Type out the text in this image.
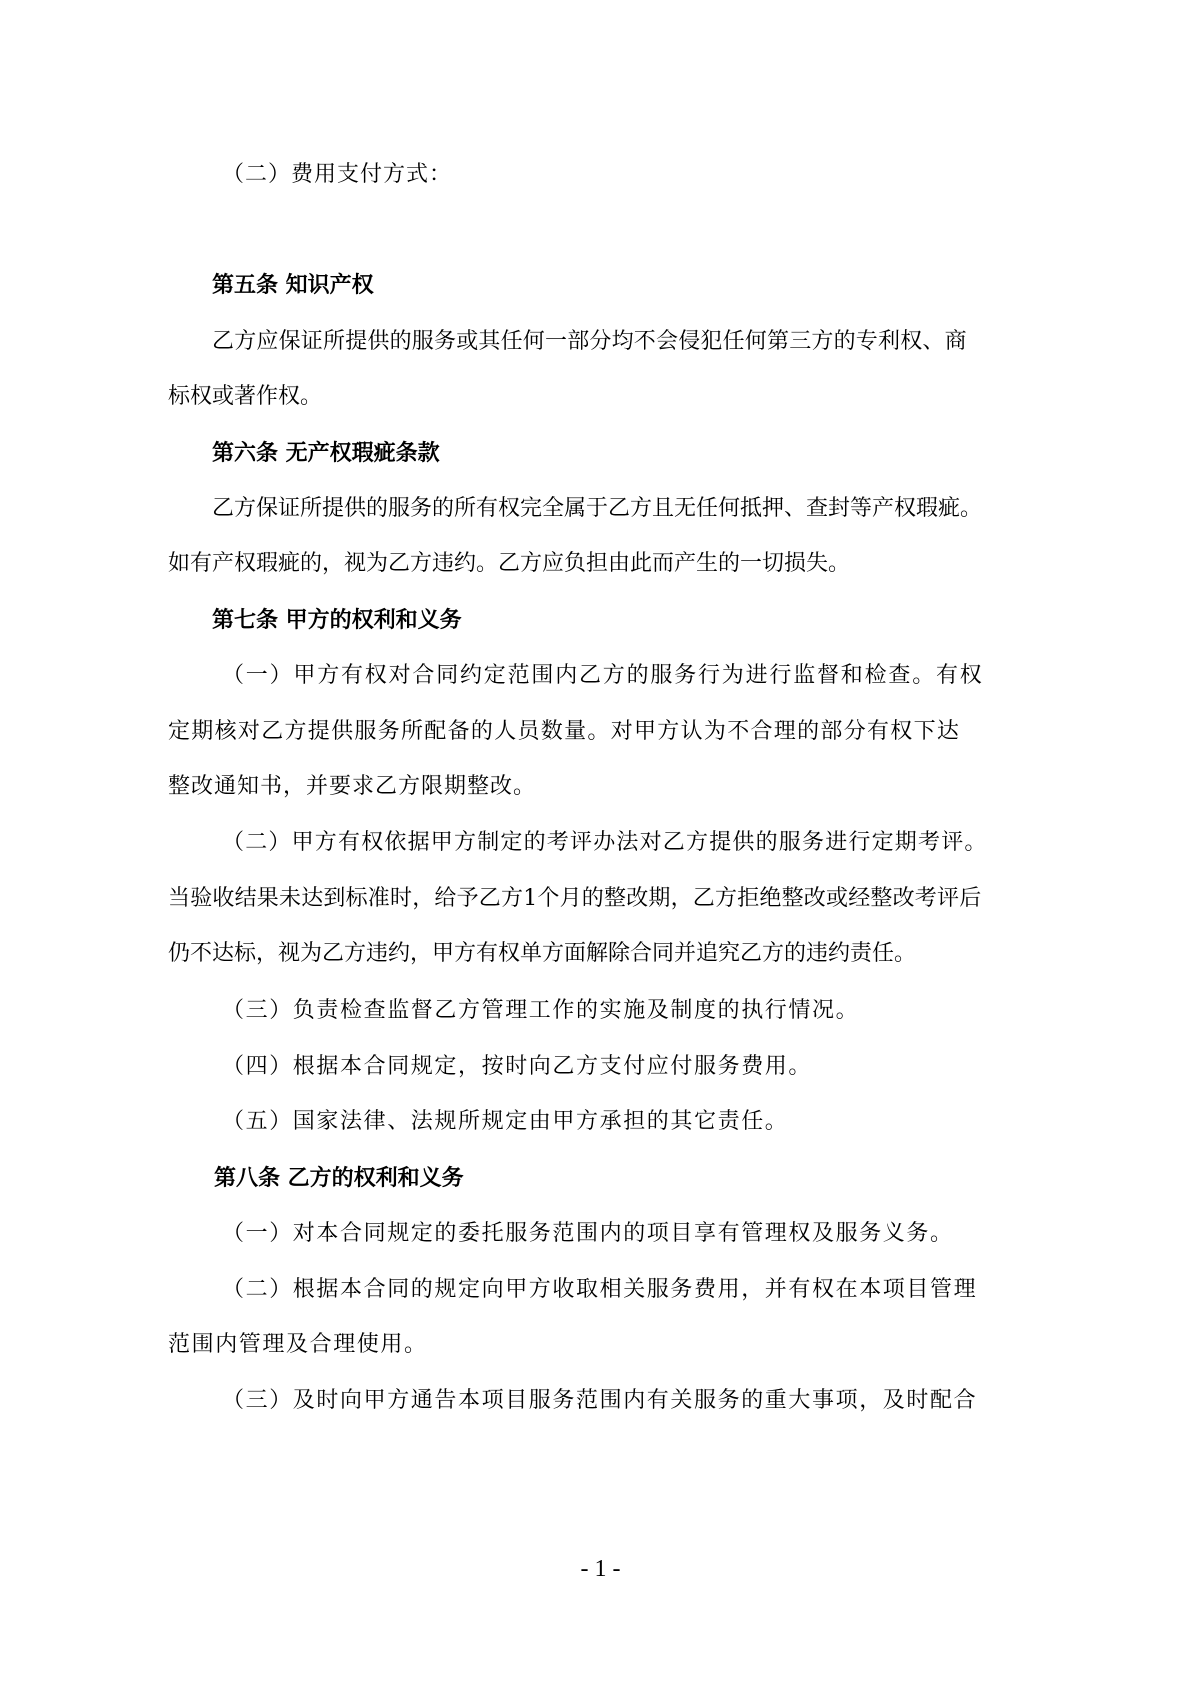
（二）费用支付方式：

第五条 知识产权

乙方应保证所提供的服务或其任何一部分均不会侵犯任何第三方的专利权、商

标权或著作权。

第六条 无产权瑕疵条款

乙方保证所提供的服务的所有权完全属于乙方且无任何抵押、查封等产权瑕疵。

如有产权瑕疵的，视为乙方违约。乙方应负担由此而产生的一切损失。

第七条 甲方的权利和义务

（一）甲方有权对合同约定范围内乙方的服务行为进行监督和检查。有权

定期核对乙方提供服务所配备的人员数量。对甲方认为不合理的部分有权下达

整改通知书，并要求乙方限期整改。

（二）甲方有权依据甲方制定的考评办法对乙方提供的服务进行定期考评。

当验收结果未达到标准时，给予乙方1个月的整改期，乙方拒绝整改或经整改考评后

仍不达标，视为乙方违约，甲方有权单方面解除合同并追究乙方的违约责任。

（三）负责检查监督乙方管理工作的实施及制度的执行情况。

（四）根据本合同规定，按时向乙方支付应付服务费用。

（五）国家法律、法规所规定由甲方承担的其它责任。

第八条 乙方的权利和义务

（一）对本合同规定的委托服务范围内的项目享有管理权及服务义务。

（二）根据本合同的规定向甲方收取相关服务费用，并有权在本项目管理

范围内管理及合理使用。

（三）及时向甲方通告本项目服务范围内有关服务的重大事项，及时配合

- 1 -
